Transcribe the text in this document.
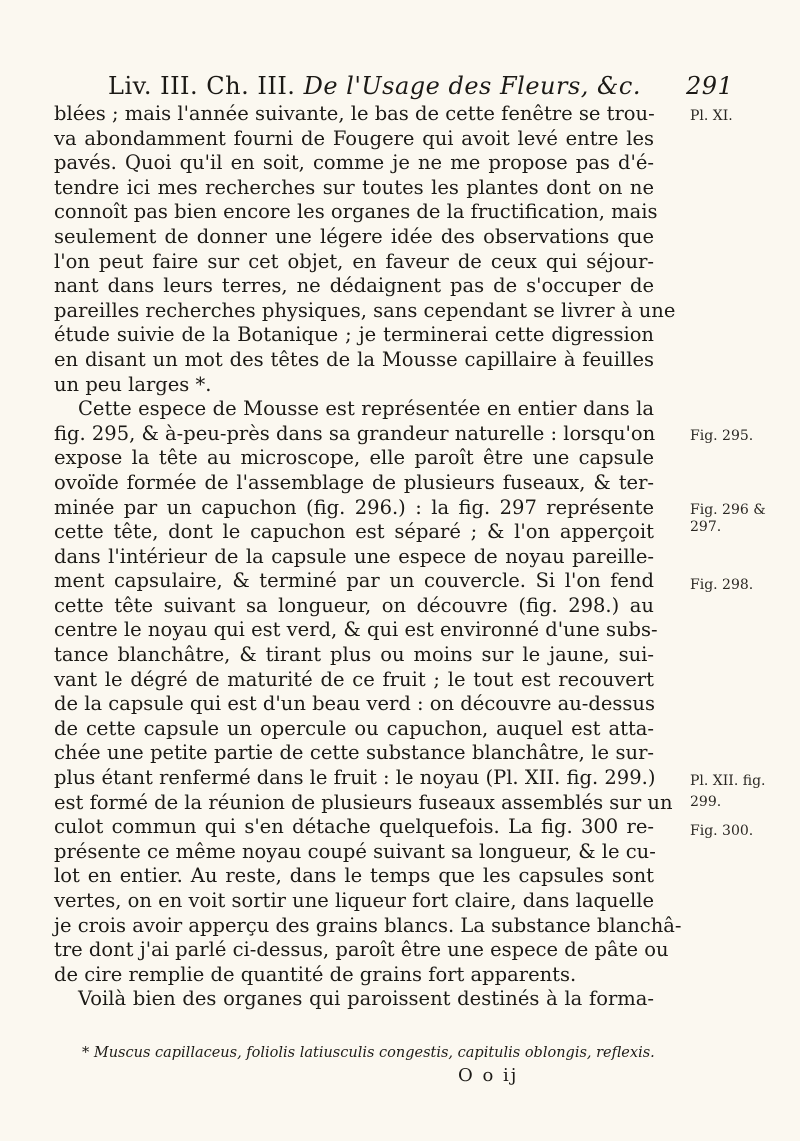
Liv. III. Ch. III. De l'Usage des Fleurs, &c. 291
blées ; mais l'année suivante, le bas de cette fenêtre se trou-
va abondamment fourni de Fougere qui avoit levé entre les
pavés. Quoi qu'il en soit, comme je ne me propose pas d'é-
tendre ici mes recherches sur toutes les plantes dont on ne
connoît pas bien encore les organes de la fructification, mais
seulement de donner une légere idée des observations que
l'on peut faire sur cet objet, en faveur de ceux qui séjour-
nant dans leurs terres, ne dédaignent pas de s'occuper de
pareilles recherches physiques, sans cependant se livrer à une
étude suivie de la Botanique ; je terminerai cette digression
en disant un mot des têtes de la Mousse capillaire à feuilles
un peu larges *.
Cette espece de Mousse est représentée en entier dans la
fig. 295, & à-peu-près dans sa grandeur naturelle : lorsqu'on
expose la tête au microscope, elle paroît être une capsule
ovoïde formée de l'assemblage de plusieurs fuseaux, & ter-
minée par un capuchon (fig. 296.) : la fig. 297 représente
cette tête, dont le capuchon est séparé ; & l'on apperçoit
dans l'intérieur de la capsule une espece de noyau pareille-
ment capsulaire, & terminé par un couvercle. Si l'on fend
cette tête suivant sa longueur, on découvre (fig. 298.) au
centre le noyau qui est verd, & qui est environné d'une subs-
tance blanchâtre, & tirant plus ou moins sur le jaune, sui-
vant le dégré de maturité de ce fruit ; le tout est recouvert
de la capsule qui est d'un beau verd : on découvre au-dessus
de cette capsule un opercule ou capuchon, auquel est atta-
chée une petite partie de cette substance blanchâtre, le sur-
plus étant renfermé dans le fruit : le noyau (Pl. XII. fig. 299.)
est formé de la réunion de plusieurs fuseaux assemblés sur un
culot commun qui s'en détache quelquefois. La fig. 300 re-
présente ce même noyau coupé suivant sa longueur, & le cu-
lot en entier. Au reste, dans le temps que les capsules sont
vertes, on en voit sortir une liqueur fort claire, dans laquelle
je crois avoir apperçu des grains blancs. La substance blanchâ-
tre dont j'ai parlé ci-dessus, paroît être une espece de pâte ou
de cire remplie de quantité de grains fort apparents.
Voilà bien des organes qui paroissent destinés à la forma-
Pl. XI.
Fig. 295.
Fig. 296 &
297.
Fig. 298.
Pl. XII. fig.
299.
Fig. 300.
* Muscus capillaceus, foliolis latiusculis congestis, capitulis oblongis, reflexis.
O o ij
